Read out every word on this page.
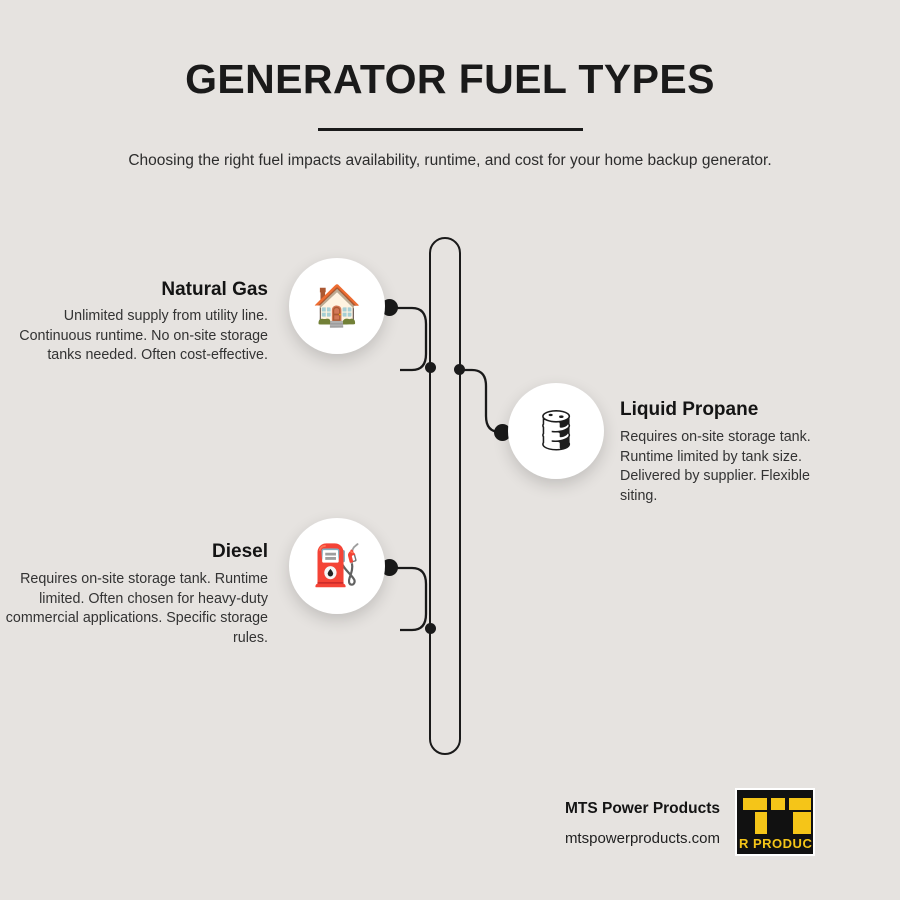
GENERATOR FUEL TYPES
Choosing the right fuel impacts availability, runtime, and cost for your home backup generator.
🏠
Natural Gas
Unlimited supply from utility line. Continuous runtime. No on-site storage tanks needed. Often cost-effective.
🛢 Liquid Propane
Requires on-site storage tank. Runtime limited by tank size. Delivered by supplier. Flexible siting.
⛽
Diesel
Requires on-site storage tank. Runtime limited. Often chosen for heavy-duty commercial applications. Specific storage rules.
MTS Power Products
mtspowerproducts.com R PRODUC
